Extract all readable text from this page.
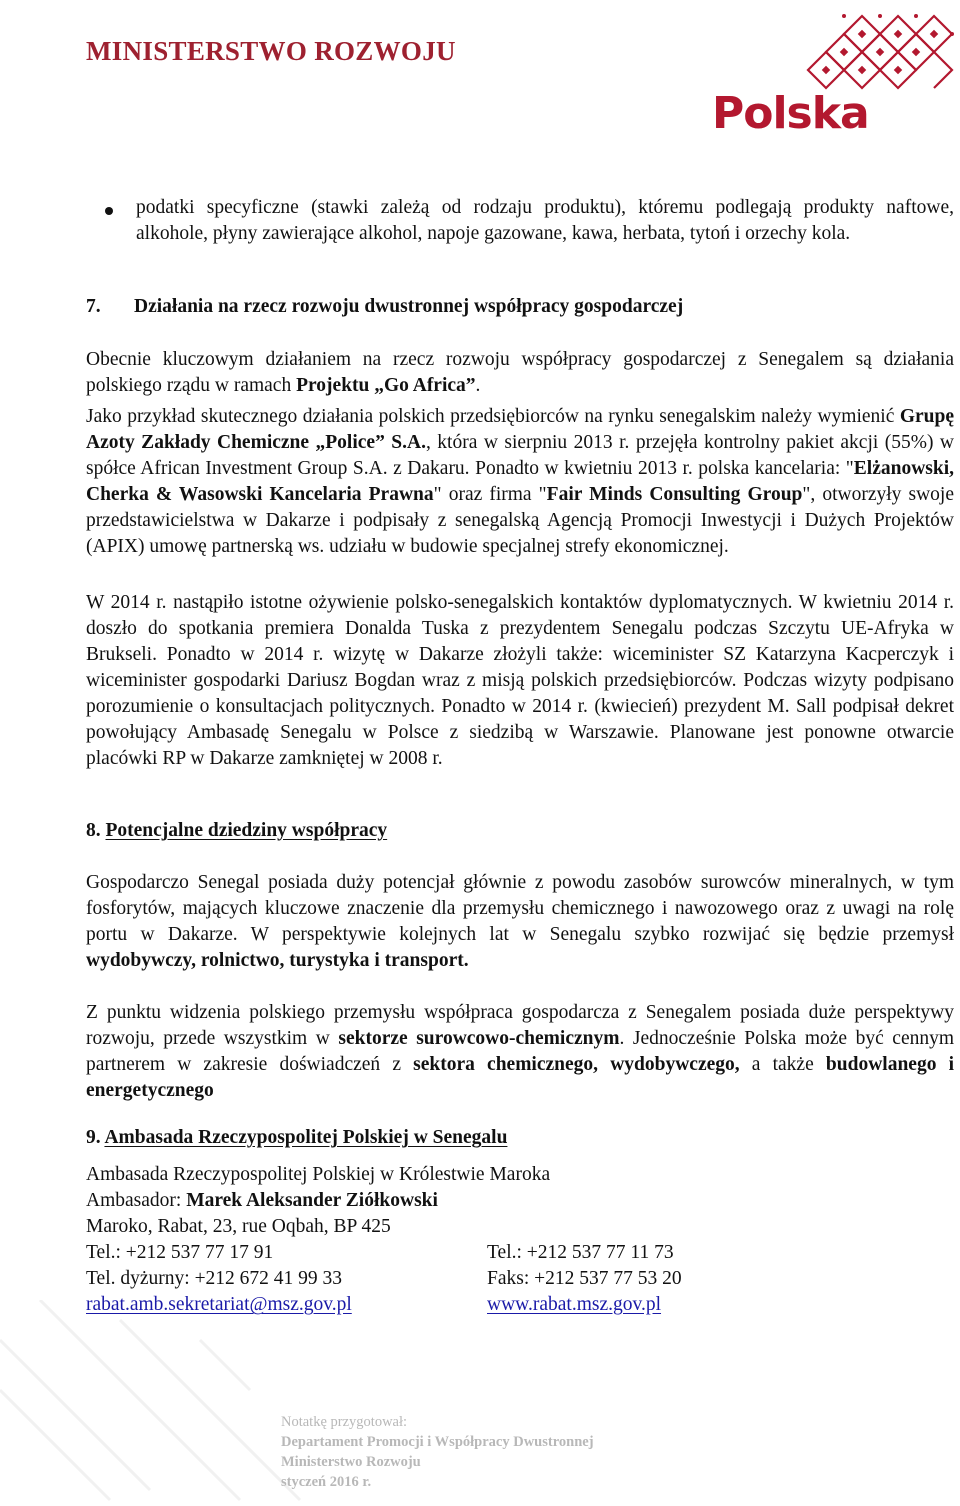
MINISTERSTWO ROZWOJU
Polska
podatki specyficzne (stawki zależą od rodzaju produktu), któremu podlegają produkty naftowe, alkohole, płyny zawierające alkohol, napoje gazowane, kawa, herbata, tytoń i orzechy kola.
7. Działania na rzecz rozwoju dwustronnej współpracy gospodarczej
Obecnie kluczowym działaniem na rzecz rozwoju współpracy gospodarczej z Senegalem są działania polskiego rządu w ramach Projektu „Go Africa”.
Jako przykład skutecznego działania polskich przedsiębiorców na rynku senegalskim należy wymienić Grupę Azoty Zakłady Chemiczne „Police” S.A., która w sierpniu 2013 r. przejęła kontrolny pakiet akcji (55%) w spółce African Investment Group S.A. z Dakaru. Ponadto w kwietniu 2013 r. polska kancelaria: "Elżanowski, Cherka & Wasowski Kancelaria Prawna" oraz firma "Fair Minds Consulting Group", otworzyły swoje przedstawicielstwa w Dakarze i podpisały z senegalską Agencją Promocji Inwestycji i Dużych Projektów (APIX) umowę partnerską ws. udziału w budowie specjalnej strefy ekonomicznej.
W 2014 r. nastąpiło istotne ożywienie polsko-senegalskich kontaktów dyplomatycznych. W kwietniu 2014 r. doszło do spotkania premiera Donalda Tuska z prezydentem Senegalu podczas Szczytu UE-Afryka w Brukseli. Ponadto w 2014 r. wizytę w Dakarze złożyli także: wiceminister SZ Katarzyna Kacperczyk i wiceminister gospodarki Dariusz Bogdan wraz z misją polskich przedsiębiorców. Podczas wizyty podpisano porozumienie o konsultacjach politycznych. Ponadto w 2014 r. (kwiecień) prezydent M. Sall podpisał dekret powołujący Ambasadę Senegalu w Polsce z siedzibą w Warszawie. Planowane jest ponowne otwarcie placówki RP w Dakarze zamkniętej w 2008 r.
8. Potencjalne dziedziny współpracy
Gospodarczo Senegal posiada duży potencjał głównie z powodu zasobów surowców mineralnych, w tym fosforytów, mających kluczowe znaczenie dla przemysłu chemicznego i nawozowego oraz z uwagi na rolę portu w Dakarze. W perspektywie kolejnych lat w Senegalu szybko rozwijać się będzie przemysł wydobywczy, rolnictwo, turystyka i transport.
Z punktu widzenia polskiego przemysłu współpraca gospodarcza z Senegalem posiada duże perspektywy rozwoju, przede wszystkim w sektorze surowcowo-chemicznym. Jednocześnie Polska może być cennym partnerem w zakresie doświadczeń z sektora chemicznego, wydobywczego, a także budowlanego i energetycznego
9. Ambasada Rzeczypospolitej Polskiej w Senegalu
Ambasada Rzeczypospolitej Polskiej w Królestwie Maroka
Ambasador: Marek Aleksander Ziółkowski
Maroko, Rabat, 23, rue Oqbah, BP 425
Tel.: +212 537 77 17 91	Tel.: +212 537 77 11 73
Tel. dyżurny: +212 672 41 99 33	Faks: +212 537 77 53 20
rabat.amb.sekretariat@msz.gov.pl	www.rabat.msz.gov.pl
Notatkę przygotował:
Departament Promocji i Współpracy Dwustronnej
Ministerstwo Rozwoju
styczeń 2016 r.
